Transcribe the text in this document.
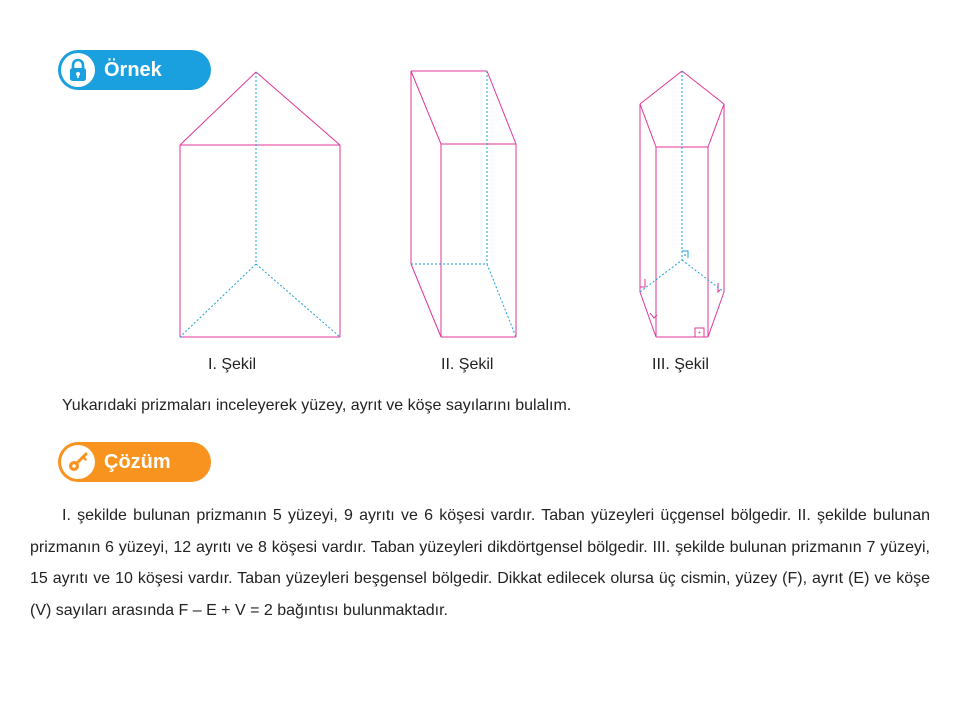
Örnek
I. Şekil	II. Şekil	III. Şekil
Yukarıdaki prizmaları inceleyerek yüzey, ayrıt ve köşe sayılarını bulalım.
Çözüm
I. şekilde bulunan prizmanın 5 yüzeyi, 9 ayrıtı ve 6 köşesi vardır. Taban yüzeyleri üçgensel bölgedir. II. şekilde bulunan prizmanın 6 yüzeyi, 12 ayrıtı ve 8 köşesi vardır. Taban yüzeyleri dikdörtgensel bölgedir. III. şekilde bulunan prizmanın 7 yüzeyi, 15 ayrıtı ve 10 köşesi vardır. Taban yüzeyleri beşgensel bölgedir. Dikkat edilecek olursa üç cismin, yüzey (F), ayrıt (E) ve köşe (V) sayıları arasında F – E + V = 2 bağıntısı bulunmaktadır.
